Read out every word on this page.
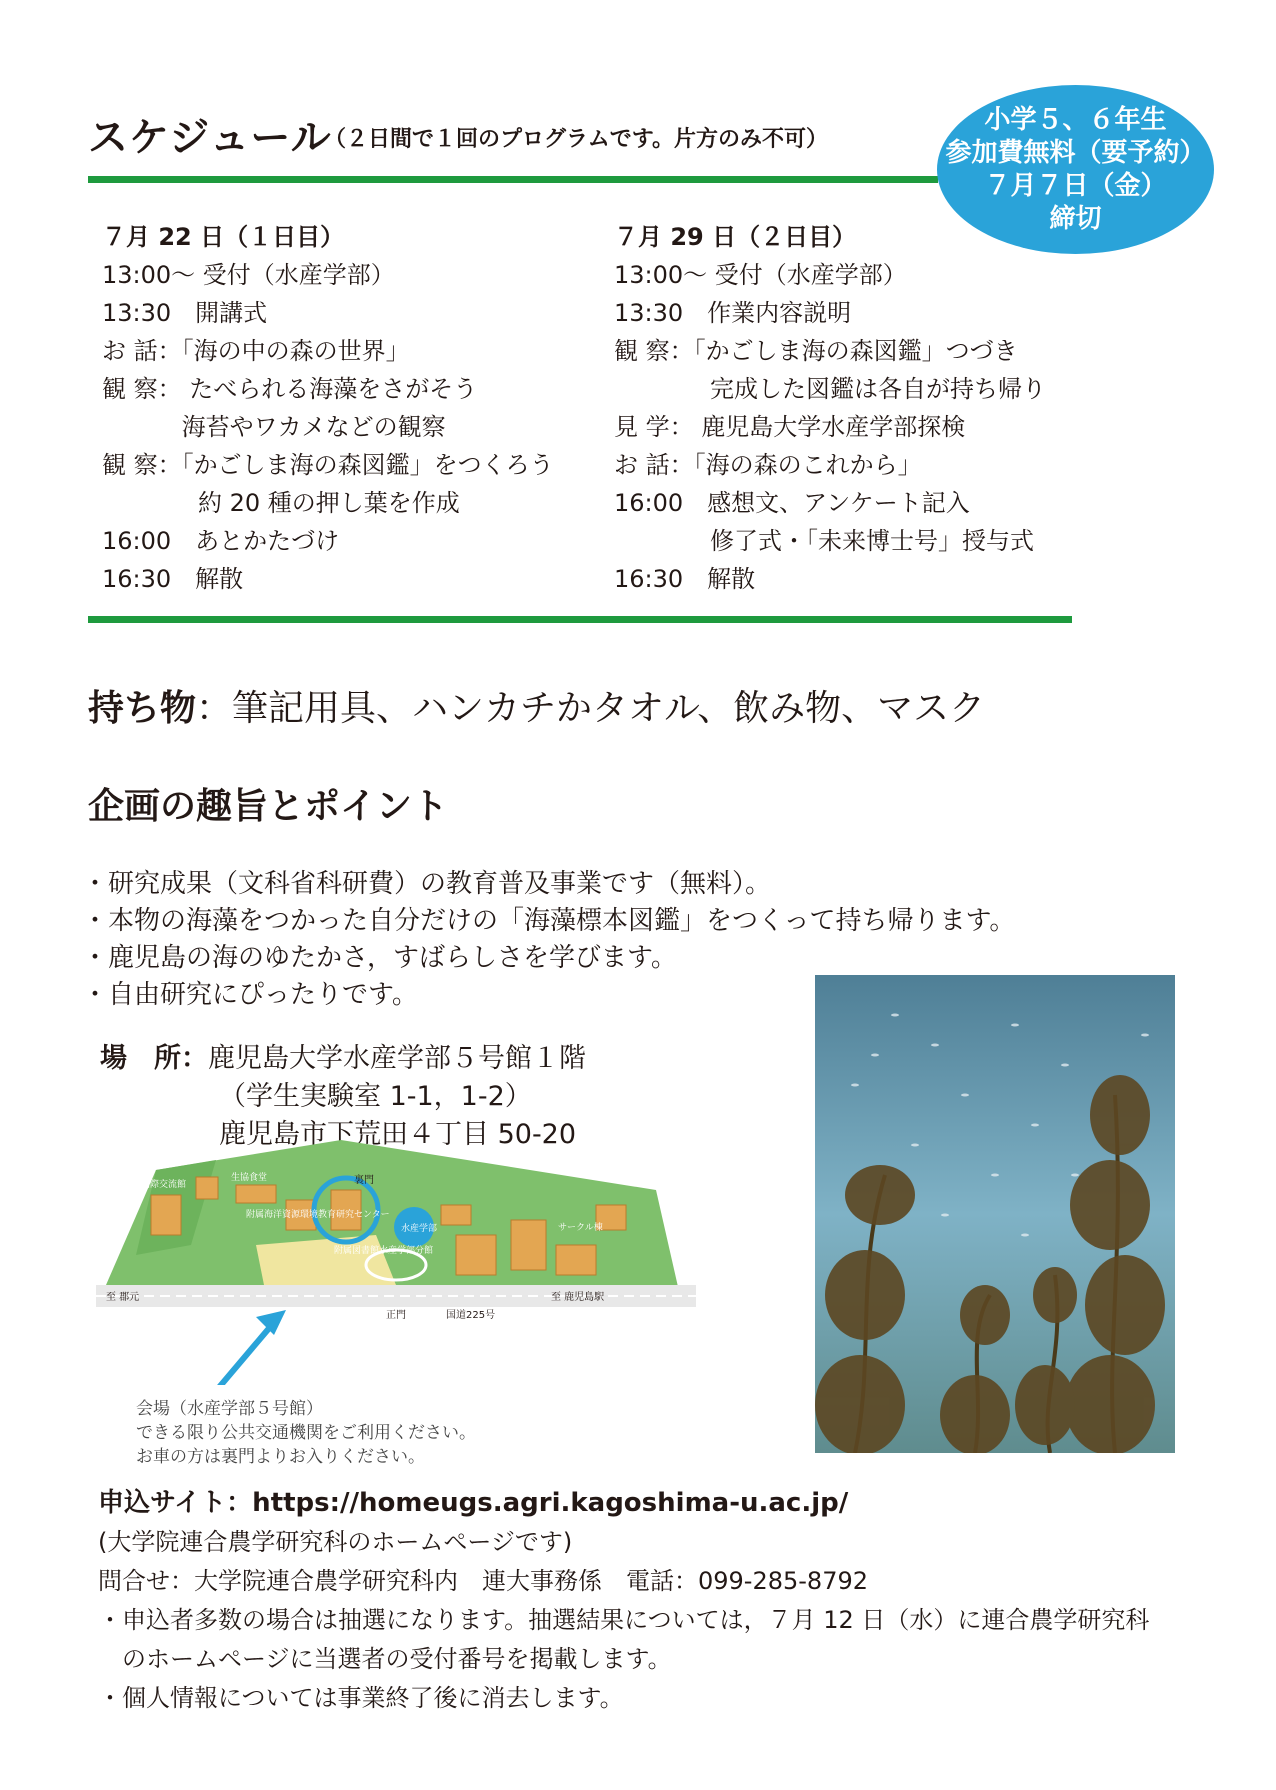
スケジュール
（２日間で１回のプログラムです。片方のみ不可）
小学５、６年生
参加費無料（要予約）
７月７日（金）
締切
７月 22 日（１日目）
13:00～ 受付（水産学部）
13:30　開講式
お 話：「海の中の森の世界」
観 察： たべられる海藻をさがそう
　　　 海苔やワカメなどの観察
観 察：「かごしま海の森図鑑」をつくろう
　　　　約 20 種の押し葉を作成
16:00　あとかたづけ
16:30　解散
７月 29 日（２日目）
13:00～ 受付（水産学部）
13:30　作業内容説明
観 察：「かごしま海の森図鑑」つづき
　　　　完成した図鑑は各自が持ち帰り
見 学： 鹿児島大学水産学部探検
お 話：「海の森のこれから」
16:00　感想文、アンケート記入
　　　　修了式・「未来博士号」授与式
16:30　解散
持ち物：筆記用具、ハンカチかタオル、飲み物、マスク
企画の趣旨とポイント
・研究成果（文科省科研費）の教育普及事業です（無料）。
・本物の海藻をつかった自分だけの「海藻標本図鑑」をつくって持ち帰ります。
・鹿児島の海のゆたかさ，すばらしさを学びます。
・自由研究にぴったりです。
場　所：鹿児島大学水産学部５号館１階
（学生実験室 1-1，1-2）
鹿児島市下荒田４丁目 50-20
国際交流館
生協食堂
附属海洋資源環境教育研究センター
サークル棟
水産学部
附属図書館水産学部分館
裏門
至 郡元
正門	国道225号
至 鹿児島駅
会場（水産学部５号館）
できる限り公共交通機関をご利用ください。
お車の方は裏門よりお入りください。
申込サイト：https://homeugs.agri.kagoshima-u.ac.jp/
(大学院連合農学研究科のホームページです)
問合せ：大学院連合農学研究科内　連大事務係　電話：099-285-8792
・申込者多数の場合は抽選になります。抽選結果については，７月 12 日（水）に連合農学研究科
のホームページに当選者の受付番号を掲載します。
・個人情報については事業終了後に消去します。
